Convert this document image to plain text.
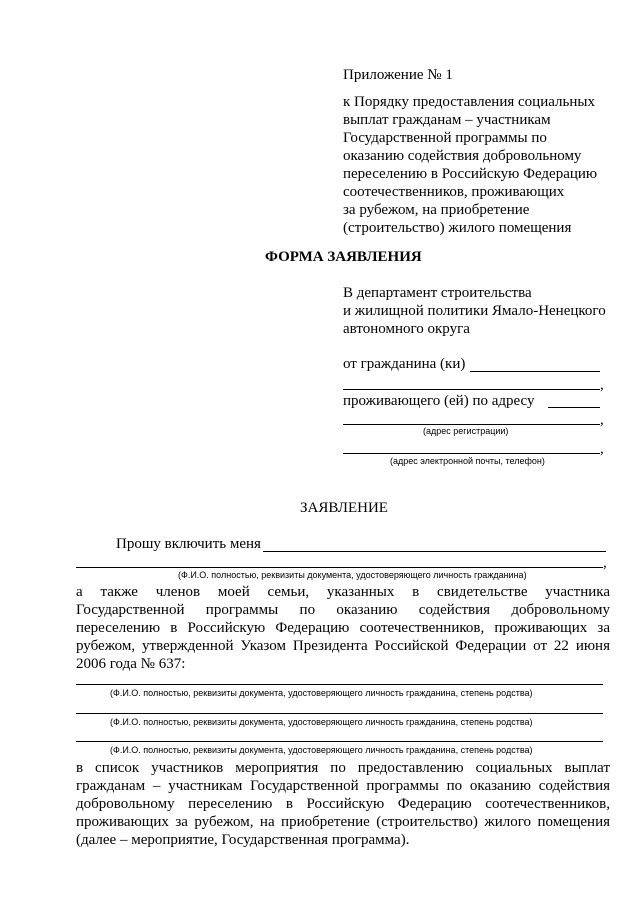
Приложение № 1
к Порядку предоставления социальных
выплат гражданам – участникам
Государственной программы по
оказанию содействия добровольному
переселению в Российскую Федерацию
соотечественников, проживающих
за рубежом, на приобретение
(строительство) жилого помещения
ФОРМА ЗАЯВЛЕНИЯ
В департамент строительства
и жилищной политики Ямало-Ненецкого
автономного округа
от гражданина (ки)
,
проживающего (ей) по адресу
,
(адрес регистрации)
,
(адрес электронной почты, телефон)
ЗАЯВЛЕНИЕ
Прошу включить меня
,
(Ф.И.О. полностью, реквизиты документа, удостоверяющего личность гражданина)
а также членов моей семьи, указанных в свидетельстве участника
Государственной программы по оказанию содействия добровольному
переселению в Российскую Федерацию соотечественников, проживающих за
рубежом, утвержденной Указом Президента Российской Федерации от 22 июня
2006 года № 637:
(Ф.И.О. полностью, реквизиты документа, удостоверяющего личность гражданина, степень родства)
(Ф.И.О. полностью, реквизиты документа, удостоверяющего личность гражданина, степень родства)
(Ф.И.О. полностью, реквизиты документа, удостоверяющего личность гражданина, степень родства)
в список участников мероприятия по предоставлению социальных выплат
гражданам – участникам Государственной программы по оказанию содействия
добровольному переселению в Российскую Федерацию соотечественников,
проживающих за рубежом, на приобретение (строительство) жилого помещения
(далее – мероприятие, Государственная программа).
